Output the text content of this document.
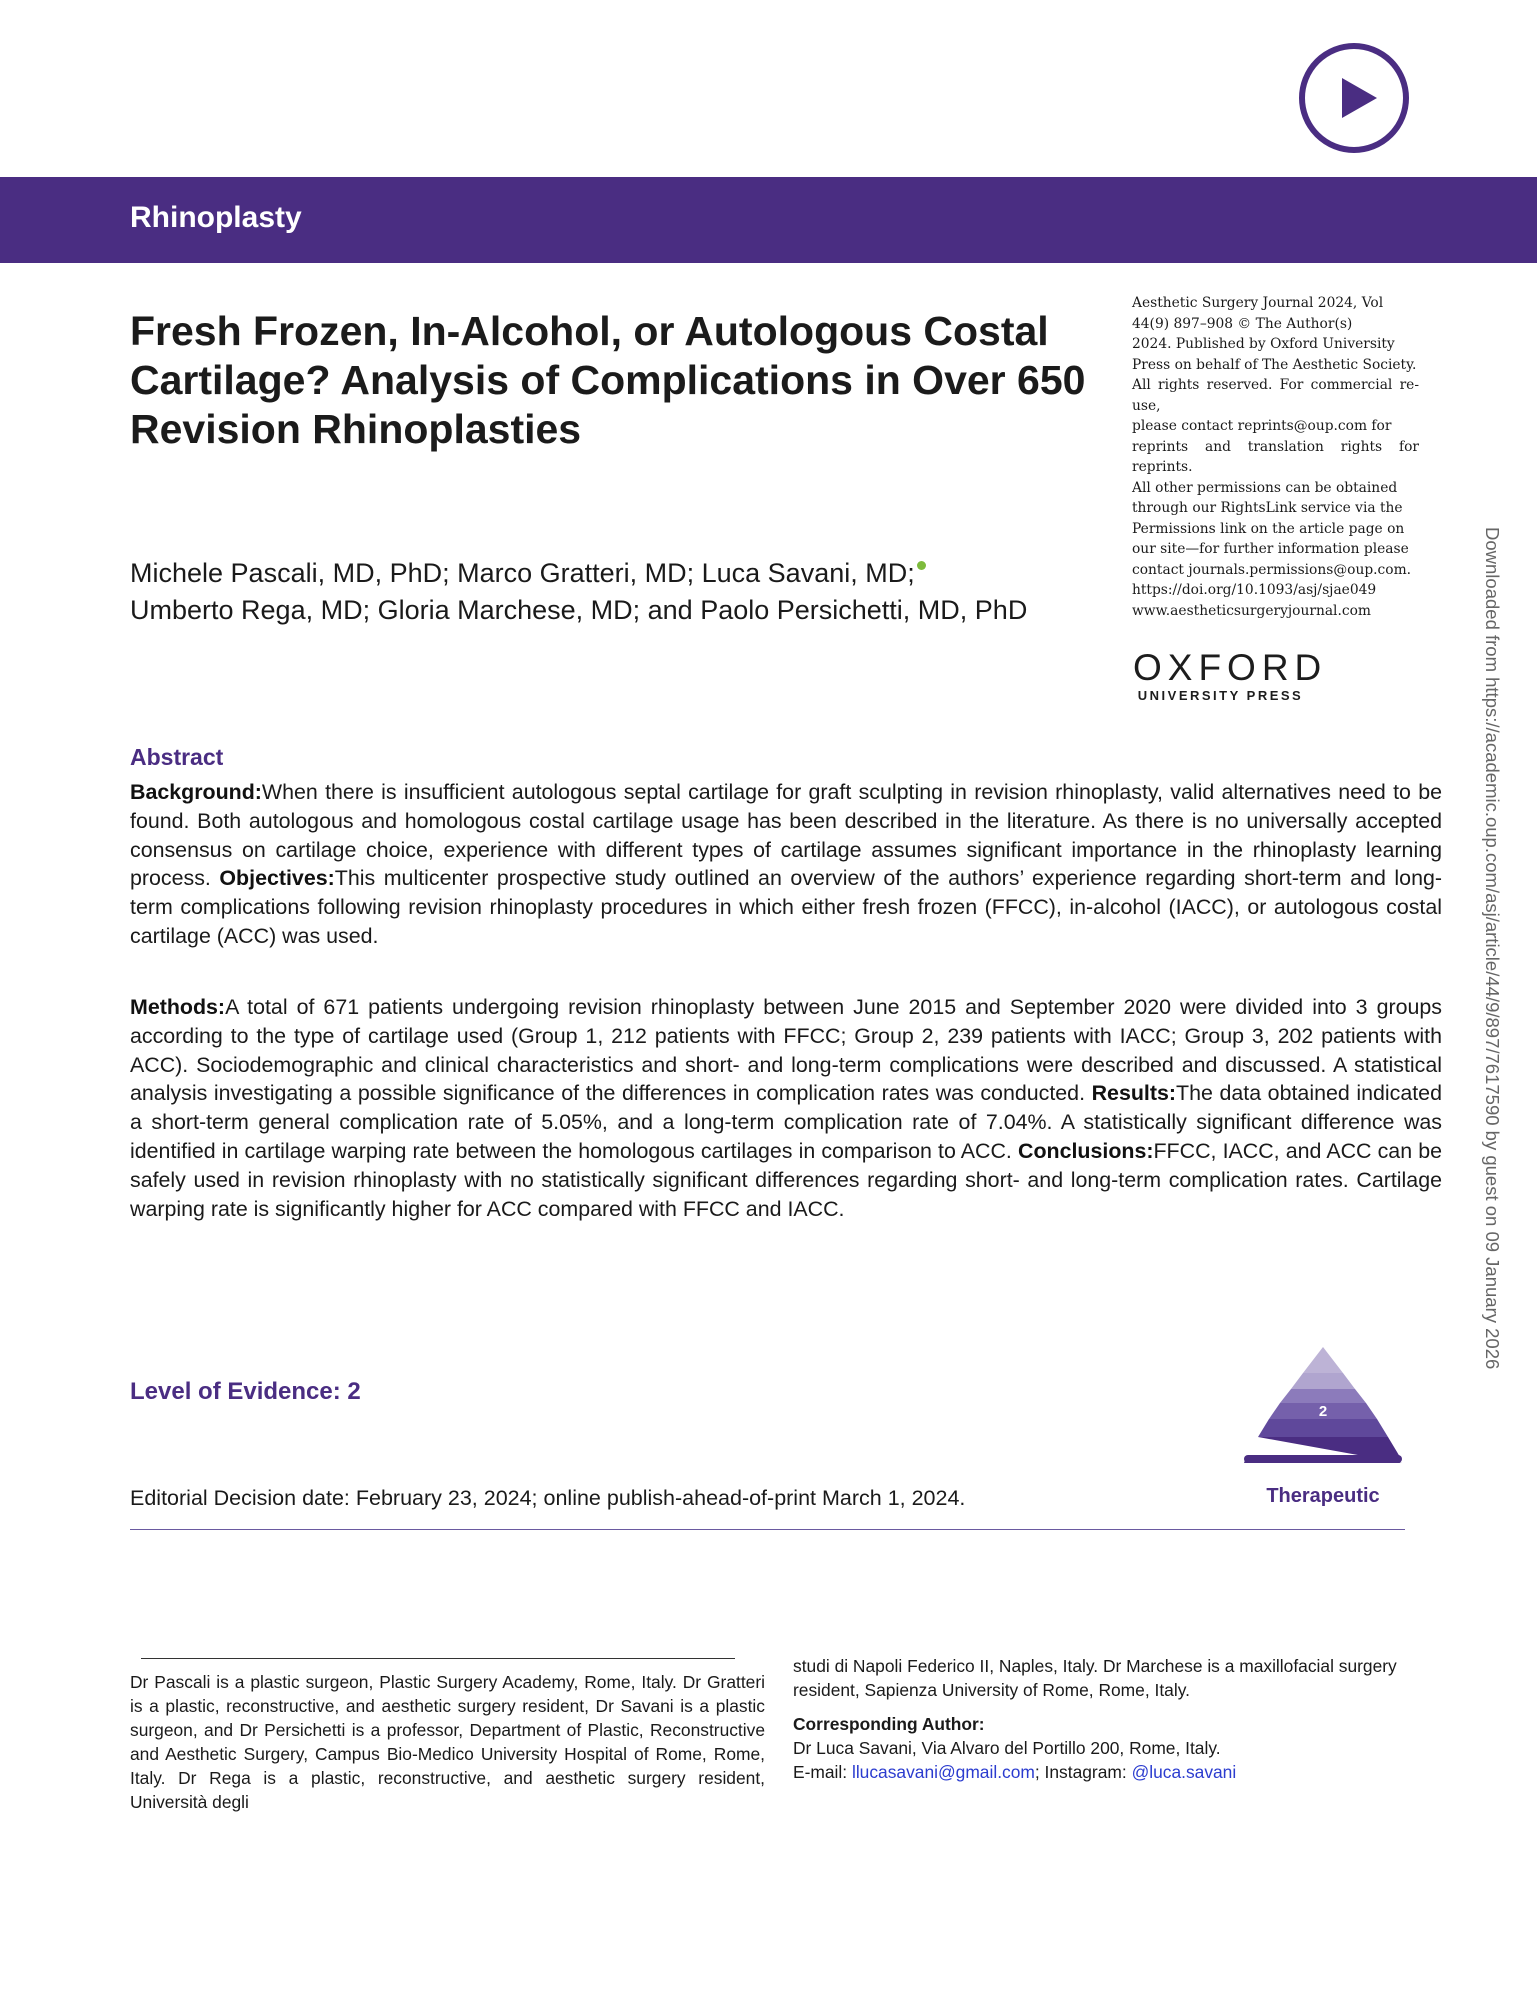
Rhinoplasty
Fresh Frozen, In-Alcohol, or Autologous Costal Cartilage? Analysis of Complications in Over 650 Revision Rhinoplasties
Aesthetic Surgery Journal 2024, Vol
44(9) 897–908 © The Author(s)
2024. Published by Oxford University
Press on behalf of The Aesthetic Society.
All rights reserved. For commercial re-use,
please contact reprints@oup.com for
reprints and translation rights for reprints.
All other permissions can be obtained
through our RightsLink service via the
Permissions link on the article page on
our site—for further information please
contact journals.permissions@oup.com.
https://doi.org/10.1093/asj/sjae049
www.aestheticsurgeryjournal.com
Michele Pascali, MD, PhD; Marco Gratteri, MD; Luca Savani, MD;
Umberto Rega, MD; Gloria Marchese, MD; and Paolo Persichetti, MD, PhD
OXFORD
UNIVERSITY PRESS	Downloaded from https://academic.oup.com/asj/article/44/9/897/7617590 by guest on 09 January 2026
Abstract
Background:When there is insufficient autologous septal cartilage for graft sculpting in revision rhinoplasty, valid alternatives need to be found. Both autologous and homologous costal cartilage usage has been described in the literature. As there is no universally accepted consensus on cartilage choice, experience with different types of cartilage assumes significant importance in the rhinoplasty learning process. Objectives:This multicenter prospective study outlined an overview of the authors’ experience regarding short-term and long-term complications following revision rhinoplasty procedures in which either fresh frozen (FFCC), in-alcohol (IACC), or autologous costal cartilage (ACC) was used.
Methods:A total of 671 patients undergoing revision rhinoplasty between June 2015 and September 2020 were divided into 3 groups according to the type of cartilage used (Group 1, 212 patients with FFCC; Group 2, 239 patients with IACC; Group 3, 202 patients with ACC). Sociodemographic and clinical characteristics and short- and long-term complications were described and discussed. A statistical analysis investigating a possible significance of the differences in complication rates was conducted. Results:The data obtained indicated a short-term general complication rate of 5.05%, and a long-term complication rate of 7.04%. A statistically significant difference was identified in cartilage warping rate between the homologous cartilages in comparison to ACC. Conclusions:FFCC, IACC, and ACC can be safely used in revision rhinoplasty with no statistically significant differences regarding short- and long-term complication rates. Cartilage warping rate is significantly higher for ACC compared with FFCC and IACC.
Level of Evidence: 2
2
Therapeutic
Editorial Decision date: February 23, 2024; online publish-ahead-of-print March 1, 2024.
Dr Pascali is a plastic surgeon, Plastic Surgery Academy, Rome, Italy. Dr Gratteri is a plastic, reconstructive, and aesthetic surgery resident, Dr Savani is a plastic surgeon, and Dr Persichetti is a professor, Department of Plastic, Reconstructive and Aesthetic Surgery, Campus Bio-Medico University Hospital of Rome, Rome, Italy. Dr Rega is a plastic, reconstructive, and aesthetic surgery resident, Università degli
studi di Napoli Federico II, Naples, Italy. Dr Marchese is a maxillofacial surgery resident, Sapienza University of Rome, Rome, Italy.
Corresponding Author:
Dr Luca Savani, Via Alvaro del Portillo 200, Rome, Italy.
E-mail: llucasavani@gmail.com; Instagram: @luca.savani
